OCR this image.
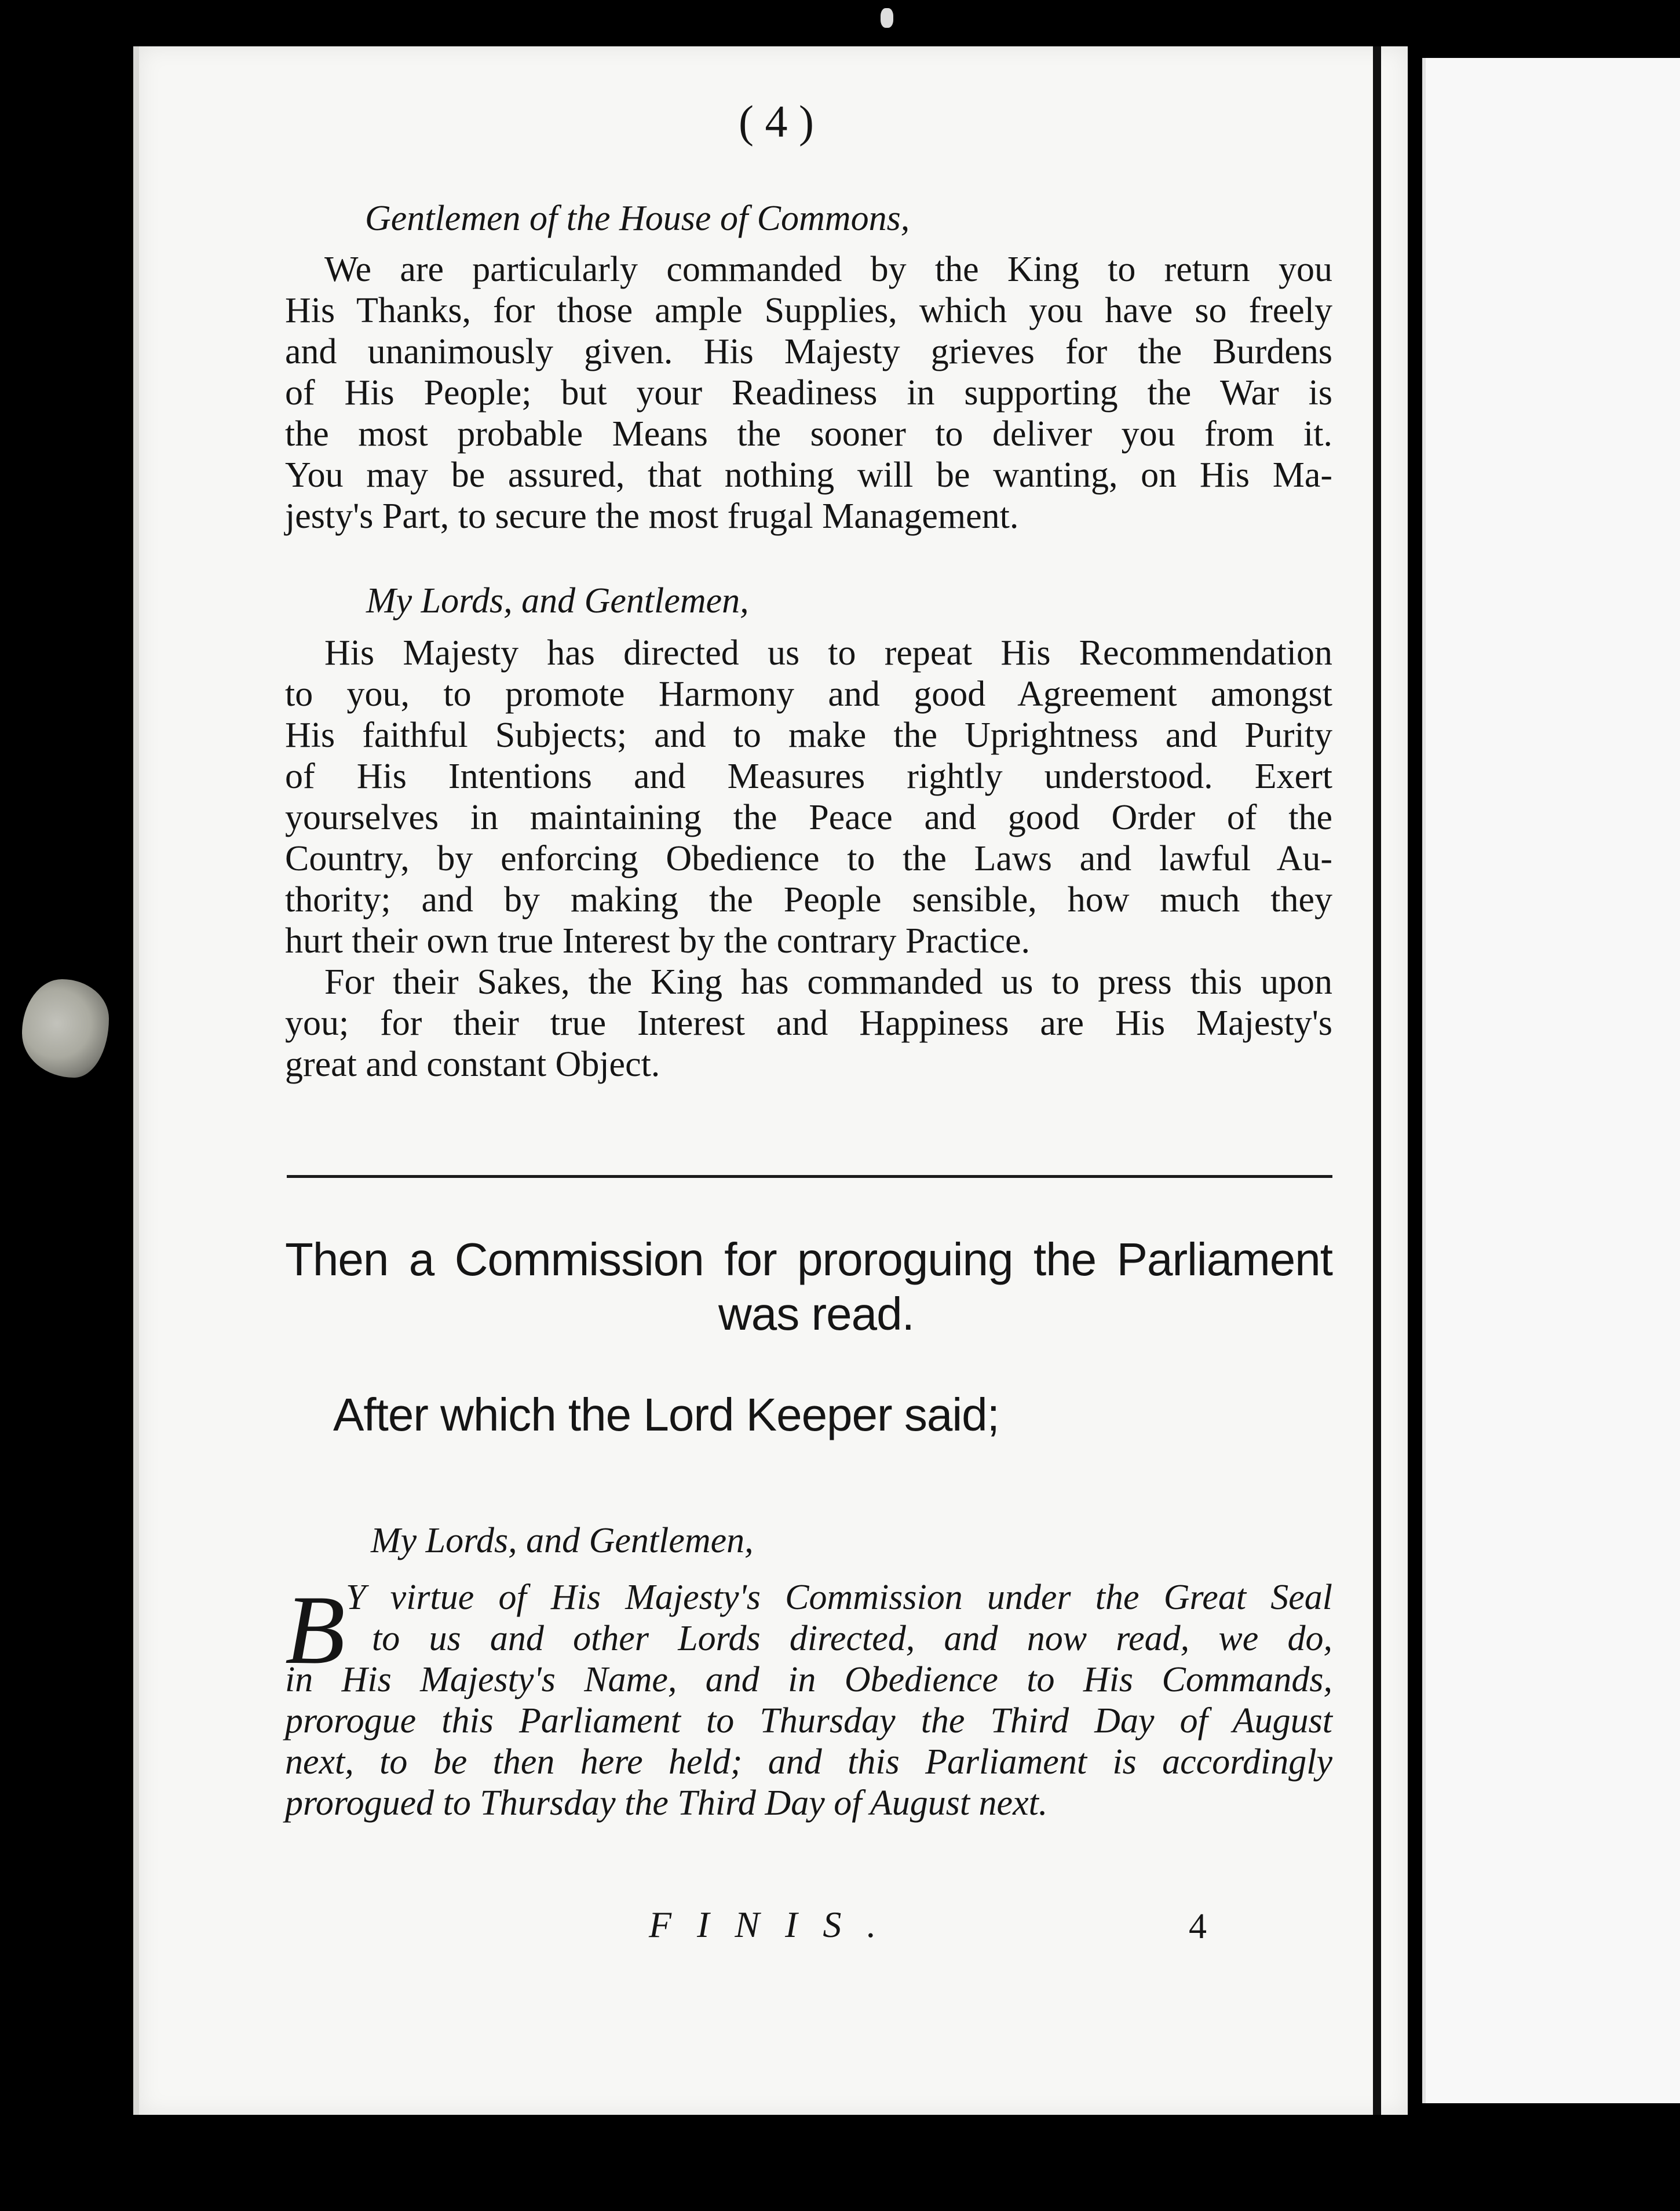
( 4 )
Gentlemen of the House of Commons,
We are particularly commanded by the King to return you
His Thanks, for those ample Supplies, which you have so freely
and unanimously given. His Majesty grieves for the Burdens
of His People; but your Readiness in supporting the War is
the most probable Means the sooner to deliver you from it.
You may be assured, that nothing will be wanting, on His Ma-
jesty's Part, to secure the most frugal Management.
My Lords, and Gentlemen,
His Majesty has directed us to repeat His Recommendation
to you, to promote Harmony and good Agreement amongst
His faithful Subjects; and to make the Uprightness and Purity
of His Intentions and Measures rightly understood. Exert
yourselves in maintaining the Peace and good Order of the
Country, by enforcing Obedience to the Laws and lawful Au-
thority; and by making the People sensible, how much they
hurt their own true Interest by the contrary Practice.
For their Sakes, the King has commanded us to press this upon
you; for their true Interest and Happiness are His Majesty's
great and constant Object.
Then a Commission for proroguing the Parliament
was read.
After which the Lord Keeper said;
My Lords, and Gentlemen,
B Y virtue of His Majesty's Commission under the Great Seal
to us and other Lords directed, and now read, we do,
in His Majesty's Name, and in Obedience to His Commands,
prorogue this Parliament to Thursday the Third Day of August
next, to be then here held; and this Parliament is accordingly
prorogued to Thursday the Third Day of August next.
FINIS.	4
